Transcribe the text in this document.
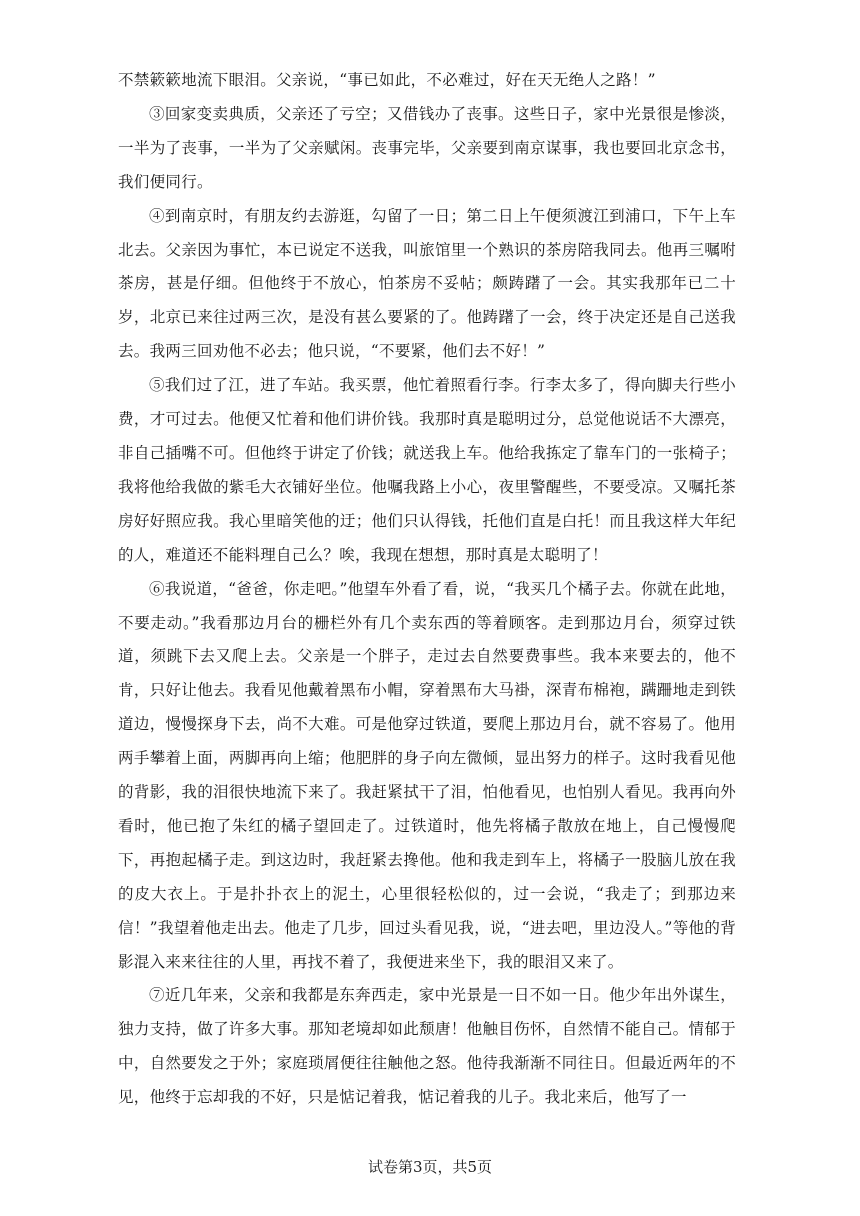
不禁簌簌地流下眼泪。父亲说，“事已如此，不必难过，好在天无绝人之路！”

③回家变卖典质，父亲还了亏空；又借钱办了丧事。这些日子，家中光景很是惨淡，一半为了丧事，一半为了父亲赋闲。丧事完毕，父亲要到南京谋事，我也要回北京念书，我们便同行。

④到南京时，有朋友约去游逛，勾留了一日；第二日上午便须渡江到浦口，下午上车北去。父亲因为事忙，本已说定不送我，叫旅馆里一个熟识的茶房陪我同去。他再三嘱咐茶房，甚是仔细。但他终于不放心，怕茶房不妥帖；颇踌躇了一会。其实我那年已二十岁，北京已来往过两三次，是没有甚么要紧的了。他踌躇了一会，终于决定还是自己送我去。我两三回劝他不必去；他只说，“不要紧，他们去不好！”

⑤我们过了江，进了车站。我买票，他忙着照看行李。行李太多了，得向脚夫行些小费，才可过去。他便又忙着和他们讲价钱。我那时真是聪明过分，总觉他说话不大漂亮，非自己插嘴不可。但他终于讲定了价钱；就送我上车。他给我拣定了靠车门的一张椅子；我将他给我做的紫毛大衣铺好坐位。他嘱我路上小心，夜里警醒些，不要受凉。又嘱托茶房好好照应我。我心里暗笑他的迂；他们只认得钱，托他们直是白托！而且我这样大年纪的人，难道还不能料理自己么？唉，我现在想想，那时真是太聪明了！

⑥我说道，“爸爸，你走吧。”他望车外看了看，说，“我买几个橘子去。你就在此地，不要走动。”我看那边月台的栅栏外有几个卖东西的等着顾客。走到那边月台，须穿过铁道，须跳下去又爬上去。父亲是一个胖子，走过去自然要费事些。我本来要去的，他不肯，只好让他去。我看见他戴着黑布小帽，穿着黑布大马褂，深青布棉袍，蹒跚地走到铁道边，慢慢探身下去，尚不大难。可是他穿过铁道，要爬上那边月台，就不容易了。他用两手攀着上面，两脚再向上缩；他肥胖的身子向左微倾，显出努力的样子。这时我看见他的背影，我的泪很快地流下来了。我赶紧拭干了泪，怕他看见，也怕别人看见。我再向外看时，他已抱了朱红的橘子望回走了。过铁道时，他先将橘子散放在地上，自己慢慢爬下，再抱起橘子走。到这边时，我赶紧去搀他。他和我走到车上，将橘子一股脑儿放在我的皮大衣上。于是扑扑衣上的泥土，心里很轻松似的，过一会说，“我走了；到那边来信！”我望着他走出去。他走了几步，回过头看见我，说，“进去吧，里边没人。”等他的背影混入来来往往的人里，再找不着了，我便进来坐下，我的眼泪又来了。

⑦近几年来，父亲和我都是东奔西走，家中光景是一日不如一日。他少年出外谋生，独力支持，做了许多大事。那知老境却如此颓唐！他触目伤怀，自然情不能自己。情郁于中，自然要发之于外；家庭琐屑便往往触他之怒。他待我渐渐不同往日。但最近两年的不见，他终于忘却我的不好，只是惦记着我，惦记着我的儿子。我北来后，他写了一

试卷第3页，共5页
